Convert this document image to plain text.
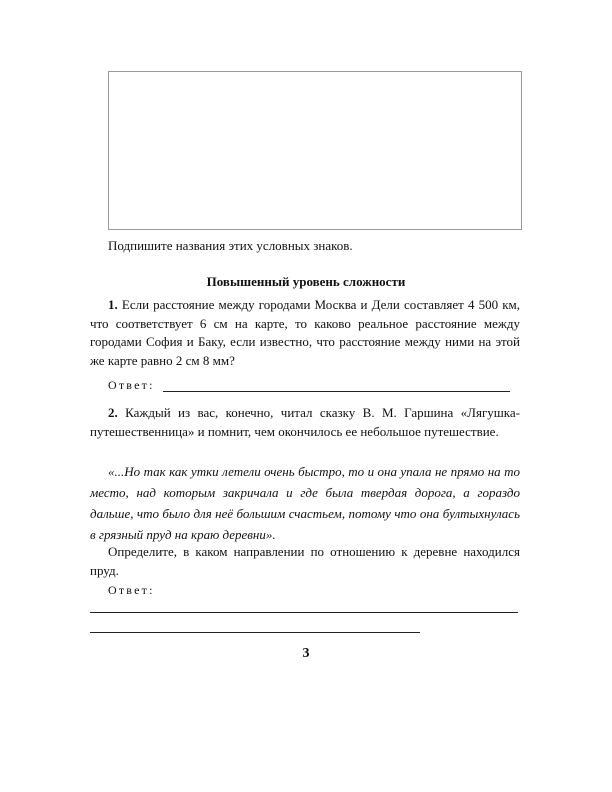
Подпишите названия этих условных знаков.
Повышенный уровень сложности
1. Если расстояние между городами Москва и Дели составляет 4 500 км, что соответствует 6 см на карте, то каково реальное расстояние между городами София и Баку, если известно, что расстояние между ними на этой же карте равно 2 см 8 мм?
Ответ:
2. Каждый из вас, конечно, читал сказку В. М. Гаршина «Лягушка-путешественница» и помнит, чем окончилось ее небольшое путешествие.
«...Но так как утки летели очень быстро, то и она упала не прямо на то место, над которым закричала и где была твердая дорога, а гораздо дальше, что было для неё большим счастьем, потому что она бултыхнулась в грязный пруд на краю деревни».
Определите, в каком направлении по отношению к деревне находился пруд.
Ответ:
3
